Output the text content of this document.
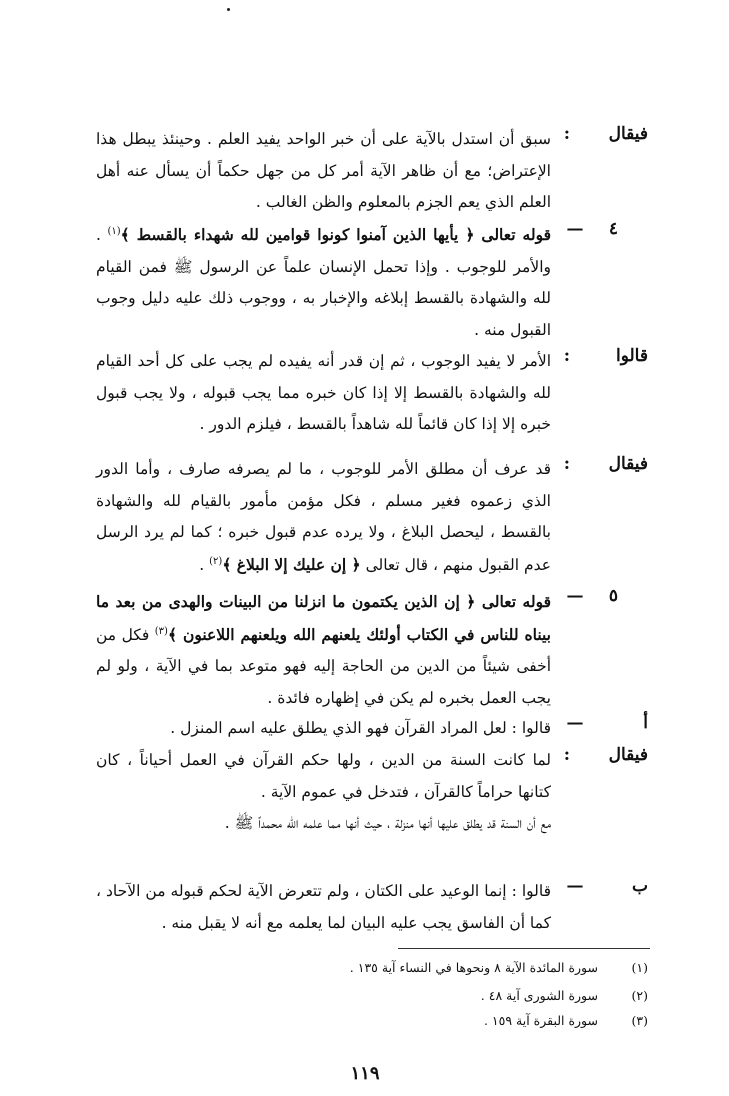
فيقال
:
سبق أن استدل بالآية على أن خبر الواحد يفيد العلم . وحينئذ يبطل هذا الإعتراض؛ مع أن ظاهر الآية أمر كل من جهل حكماً أن يسأل عنه أهل العلم الذي يعم الجزم بالمعلوم والظن الغالب .
٤
—
قوله تعالى ﴿ يأيها الذين آمنوا كونوا قوامين لله شهداء بالقسط ﴾$^{(١)}$ . والأمر للوجوب . وإذا تحمل الإنسان علماً عن الرسول ﷺ فمن القيام لله والشهادة بالقسط إبلاغه والإخبار به ، ووجوب ذلك عليه دليل وجوب القبول منه .
قالوا
:
الأمر لا يفيد الوجوب ، ثم إن قدر أنه يفيده لم يجب على كل أحد القيام لله والشهادة بالقسط إلا إذا كان خبره مما يجب قبوله ، ولا يجب قبول خبره إلا إذا كان قائماً لله شاهداً بالقسط ، فيلزم الدور .
فيقال
:
قد عرف أن مطلق الأمر للوجوب ، ما لم يصرفه صارف ، وأما الدور الذي زعموه فغير مسلم ، فكل مؤمن مأمور بالقيام لله والشهادة بالقسط ، ليحصل البلاغ ، ولا يرده عدم قبول خبره ؛ كما لم يرد الرسل عدم القبول منهم ، قال تعالى ﴿ إن عليك إلا البلاغ ﴾$^{(٢)}$ .
٥
—
قوله تعالى ﴿ إن الذين يكتمون ما انزلنا من البينات والهدى من بعد ما بيناه للناس في الكتاب أولئك يلعنهم الله ويلعنهم اللاعنون ﴾$^{(٣)}$ فكل من أخفى شيئاً من الدين من الحاجة إليه فهو متوعد بما في الآية ، ولو لم يجب العمل بخبره لم يكن في إظهاره فائدة .
أ
—
قالوا : لعل المراد القرآن فهو الذي يطلق عليه اسم المنزل .
فيقال
:

لما كانت السنة من الدين ، ولها حكم القرآن في العمل أحياناً ، كان كتانها حراماً كالقرآن ، فتدخل في عموم الآية .

مع أن السنة قد يطلق عليها أنها منزلة ، حيث أنها مما علمه الله محمداً ﷺ .

ب
—
قالوا : إنما الوعيد على الكتان ، ولم تتعرض الآية لحكم قبوله من الآحاد ، كما أن الفاسق يجب عليه البيان لما يعلمه مع أنه لا يقبل منه .
(١)
سورة المائدة الآية ٨ ونحوها في النساء آية ١٣٥ .
(٢)
سورة الشورى آية ٤٨ .
(٣)
سورة البقرة آية ١٥٩ .
١١٩
